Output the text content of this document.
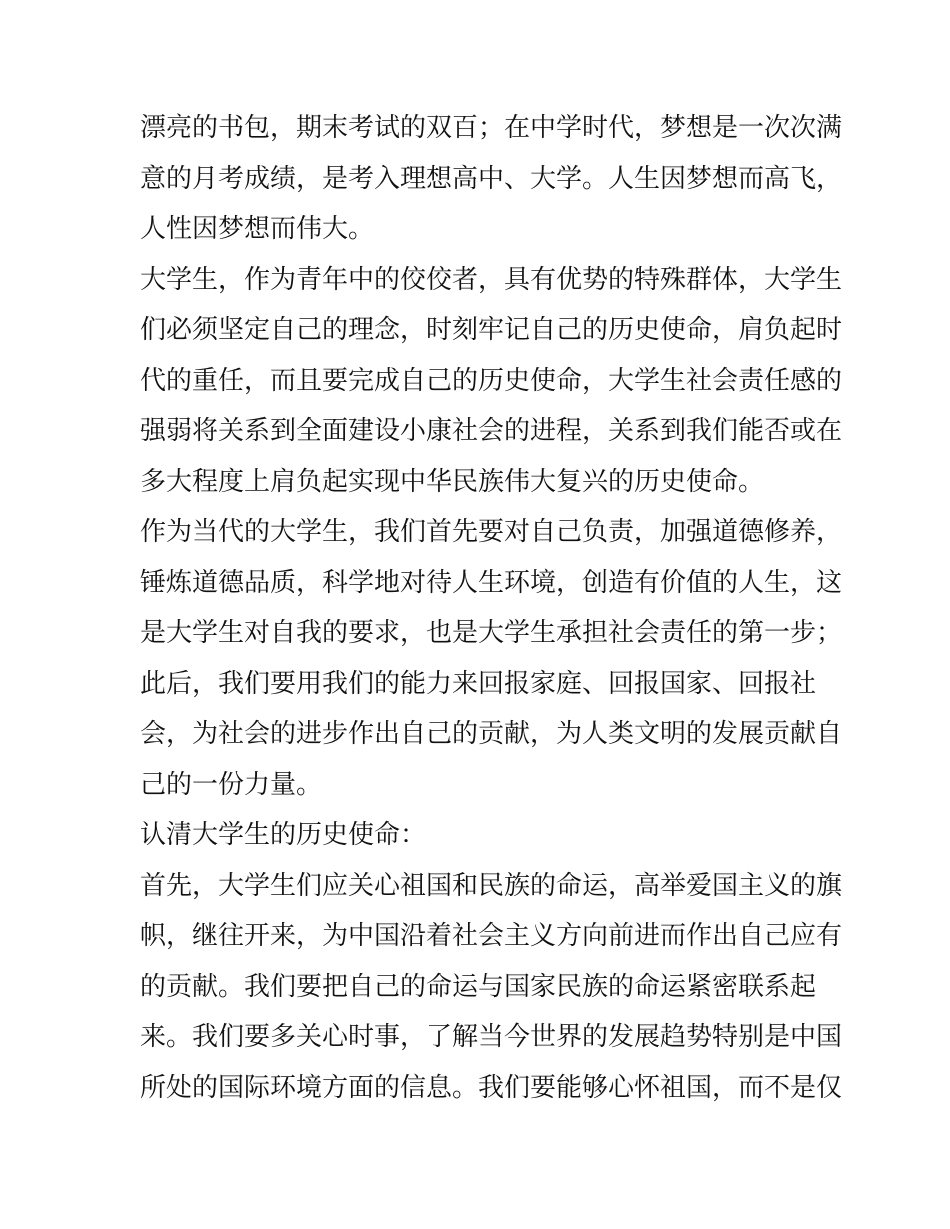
漂亮的书包，期末考试的双百；在中学时代，梦想是一次次满
意的月考成绩，是考入理想高中、大学。人生因梦想而高飞，
人性因梦想而伟大。
大学生，作为青年中的佼佼者，具有优势的特殊群体，大学生
们必须坚定自己的理念，时刻牢记自己的历史使命，肩负起时
代的重任，而且要完成自己的历史使命，大学生社会责任感的
强弱将关系到全面建设小康社会的进程，关系到我们能否或在
多大程度上肩负起实现中华民族伟大复兴的历史使命。
作为当代的大学生，我们首先要对自己负责，加强道德修养，
锤炼道德品质，科学地对待人生环境，创造有价值的人生，这
是大学生对自我的要求，也是大学生承担社会责任的第一步；
此后，我们要用我们的能力来回报家庭、回报国家、回报社
会，为社会的进步作出自己的贡献，为人类文明的发展贡献自
己的一份力量。
认清大学生的历史使命：
首先，大学生们应关心祖国和民族的命运，高举爱国主义的旗
帜，继往开来，为中国沿着社会主义方向前进而作出自己应有
的贡献。我们要把自己的命运与国家民族的命运紧密联系起
来。我们要多关心时事，了解当今世界的发展趋势特别是中国
所处的国际环境方面的信息。我们要能够心怀祖国，而不是仅
